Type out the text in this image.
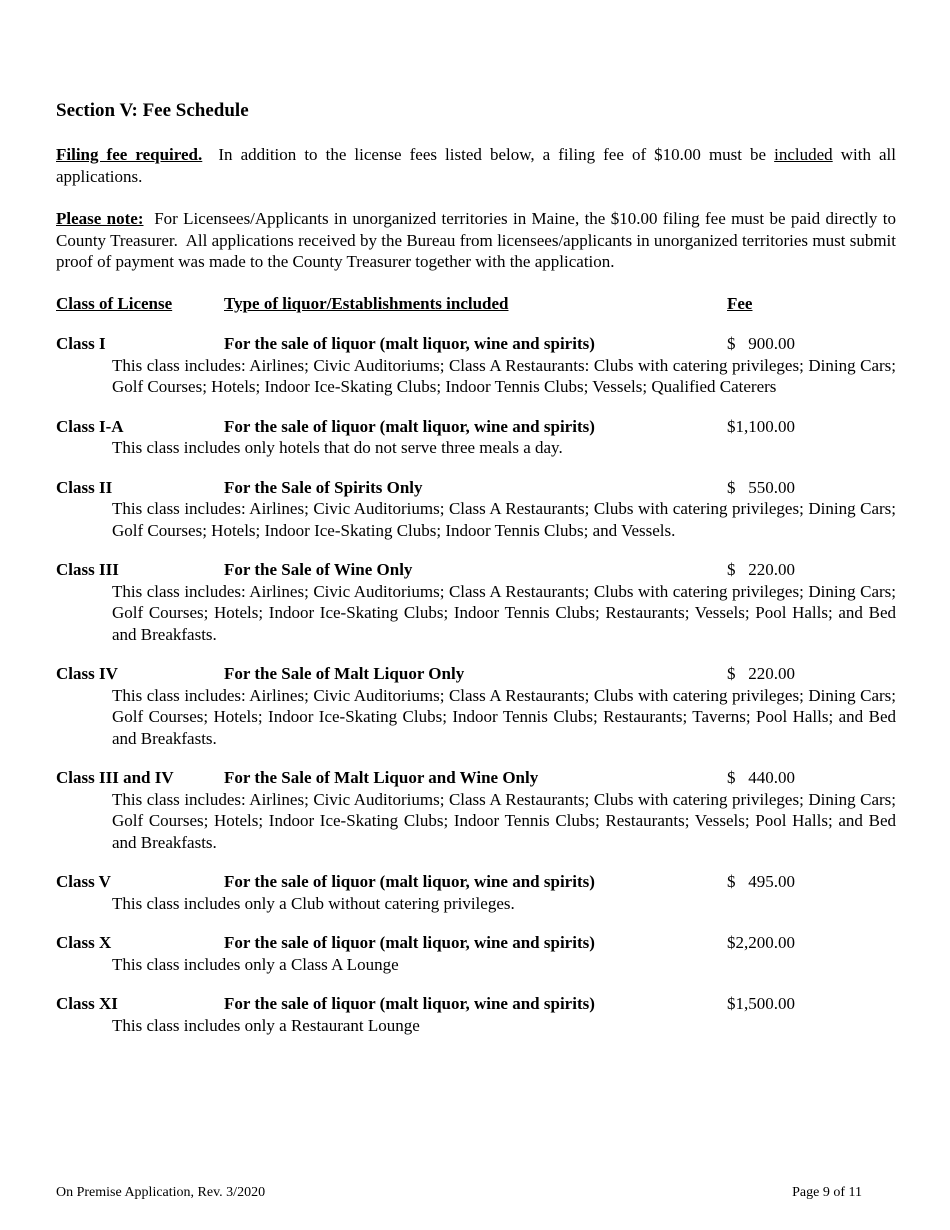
Section V: Fee Schedule
Filing fee required.  In addition to the license fees listed below, a filing fee of $10.00 must be included with all applications.
Please note:  For Licensees/Applicants in unorganized territories in Maine, the $10.00 filing fee must be paid directly to County Treasurer.  All applications received by the Bureau from licensees/applicants in unorganized territories must submit proof of payment was made to the County Treasurer together with the application.
Class of License	Type of liquor/Establishments included	Fee
Class I	For the sale of liquor (malt liquor, wine and spirits)	$   900.00
This class includes: Airlines; Civic Auditoriums; Class A Restaurants: Clubs with catering privileges; Dining Cars; Golf Courses; Hotels; Indoor Ice-Skating Clubs; Indoor Tennis Clubs; Vessels; Qualified Caterers
Class I-A	For the sale of liquor (malt liquor, wine and spirits)	$1,100.00
This class includes only hotels that do not serve three meals a day.
Class II	For the Sale of Spirits Only	$   550.00
This class includes: Airlines; Civic Auditoriums; Class A Restaurants; Clubs with catering privileges; Dining Cars; Golf Courses; Hotels; Indoor Ice-Skating Clubs; Indoor Tennis Clubs; and Vessels.
Class III	For the Sale of Wine Only	$   220.00
This class includes: Airlines; Civic Auditoriums; Class A Restaurants; Clubs with catering privileges; Dining Cars; Golf Courses; Hotels; Indoor Ice-Skating Clubs; Indoor Tennis Clubs; Restaurants; Vessels; Pool Halls; and Bed and Breakfasts.
Class IV	For the Sale of Malt Liquor Only	$   220.00
This class includes: Airlines; Civic Auditoriums; Class A Restaurants; Clubs with catering privileges; Dining Cars; Golf Courses; Hotels; Indoor Ice-Skating Clubs; Indoor Tennis Clubs; Restaurants; Taverns; Pool Halls; and Bed and Breakfasts.
Class III and IV	For the Sale of Malt Liquor and Wine Only	$   440.00
This class includes: Airlines; Civic Auditoriums; Class A Restaurants; Clubs with catering privileges; Dining Cars; Golf Courses; Hotels; Indoor Ice-Skating Clubs; Indoor Tennis Clubs; Restaurants; Vessels; Pool Halls; and Bed and Breakfasts.
Class V	For the sale of liquor (malt liquor, wine and spirits)	$   495.00
This class includes only a Club without catering privileges.
Class X	For the sale of liquor (malt liquor, wine and spirits)	$2,200.00
This class includes only a Class A Lounge
Class XI	For the sale of liquor (malt liquor, wine and spirits)	$1,500.00
This class includes only a Restaurant Lounge
On Premise Application, Rev. 3/2020	Page 9 of 11
